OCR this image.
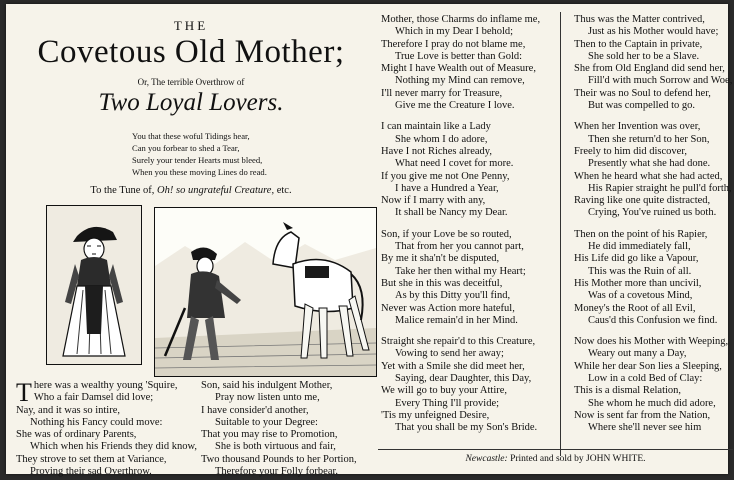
THE
Covetous Old Mother;
Or, The terrible Overthrow of
Two Loyal Lovers.
You that these woful Tidings hear,
Can you forbear to shed a Tear,
Surely your tender Hearts must bleed,
When you these moving Lines do read.
To the Tune of, Oh! so ungrateful Creature, etc.
There was a wealthy young 'Squire,
Who a fair Damsel did love;
Nay, and it was so intire,
Nothing his Fancy could move:
She was of ordinary Parents,
Which when his Friends they did know,
They strove to set them at Variance,
Proving their sad Overthrow.
Son, said his indulgent Mother,
Pray now listen unto me,
I have consider'd another,
Suitable to your Degree:
That you may rise to Promotion,
She is both virtuous and fair,
Two thousand Pounds to her Portion,
Therefore your Folly forbear.
Mother, those Charms do inflame me,
Which in my Dear I behold;
Therefore I pray do not blame me,
True Love is better than Gold:
Might I have Wealth out of Measure,
Nothing my Mind can remove,
I'll never marry for Treasure,
Give me the Creature I love.
I can maintain like a Lady
She whom I do adore,
Have I not Riches already,
What need I covet for more.
If you give me not One Penny,
I have a Hundred a Year,
Now if I marry with any,
It shall be Nancy my Dear.
Son, if your Love be so routed,
That from her you cannot part,
By me it sha'n't be disputed,
Take her then withal my Heart;
But she in this was deceitful,
As by this Ditty you'll find,
Never was Action more hateful,
Malice remain'd in her Mind.
Straight she repair'd to this Creature,
Vowing to send her away;
Yet with a Smile she did meet her,
Saying, dear Daughter, this Day,
We will go to buy your Attire,
Every Thing I'll provide;
'Tis my unfeigned Desire,
That you shall be my Son's Bride.
Thus was the Matter contrived,
Just as his Mother would have;
Then to the Captain in private,
She sold her to be a Slave.
She from Old England did send her,
Fill'd with much Sorrow and Woe,
Their was no Soul to defend her,
But was compelled to go.
When her Invention was over,
Then she return'd to her Son,
Freely to him did discover,
Presently what she had done.
When he heard what she had acted,
His Rapier straight he pull'd forth,
Raving like one quite distracted,
Crying, You've ruined us both.
Then on the point of his Rapier,
He did immediately fall,
His Life did go like a Vapour,
This was the Ruin of all.
His Mother more than uncivil,
Was of a covetous Mind,
Money's the Root of all Evil,
Caus'd this Confusion we find.
Now does his Mother with Weeping,
Weary out many a Day,
While her dear Son lies a Sleeping,
Low in a cold Bed of Clay:
This is a dismal Relation,
She whom he much did adore,
Now is sent far from the Nation,
Where she'll never see him
Newcastle: Printed and sold by JOHN WHITE.
